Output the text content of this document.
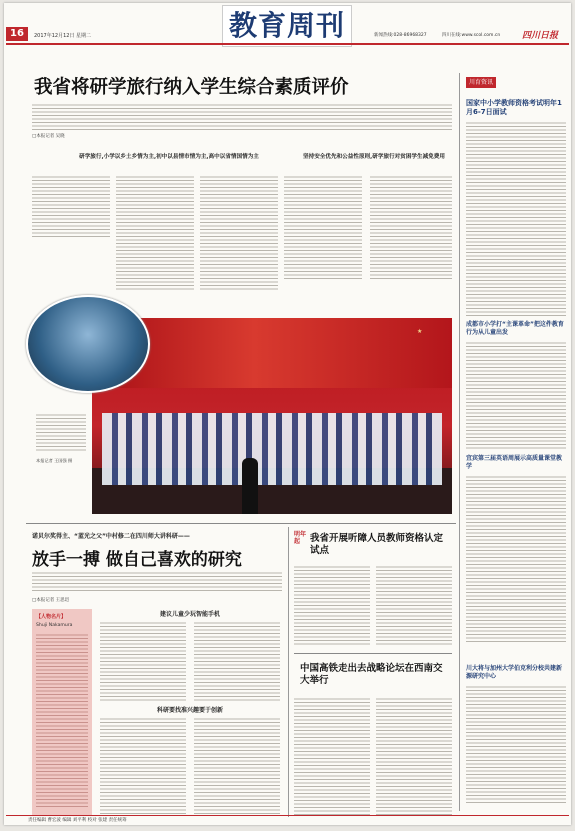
16	2017年12月12日 星期二	教育周刊	新闻热线:028-86968327	四川在线:www.scol.com.cn 四川日报
我省将研学旅行纳入学生综合素质评价
□本报记者 吴晓
研学旅行,小学以乡土乡情为主,初中以县情市情为主,高中以省情国情为主	坚持安全优先和公益性原则,研学旅行对贫困学生减免费用
★
本报记者 王国强 摄
川育资讯
国家中小学教师资格考试明年1月6-7日面试
成都市小学打“主课革命”把这件教育行为从儿童出发
宜宾第三届英语周展示高质量课堂教学
川大将与加州大学伯克利分校共建新源研究中心
诺贝尔奖得主、“蓝光之父”中村修二在四川师大讲科研——
放手一搏 做自己喜欢的研究
□本报记者 王思迅
【人物名片】
Shuji Nakamura
建议儿童少玩智能手机
科研要找准兴趣要于创新
明年起	我省开展听障人员教师资格认定试点
中国高铁走出去战略论坛在西南交大举行
责任编辑 曹宏波 编辑 刘平利 校对 张建 责任统筹
